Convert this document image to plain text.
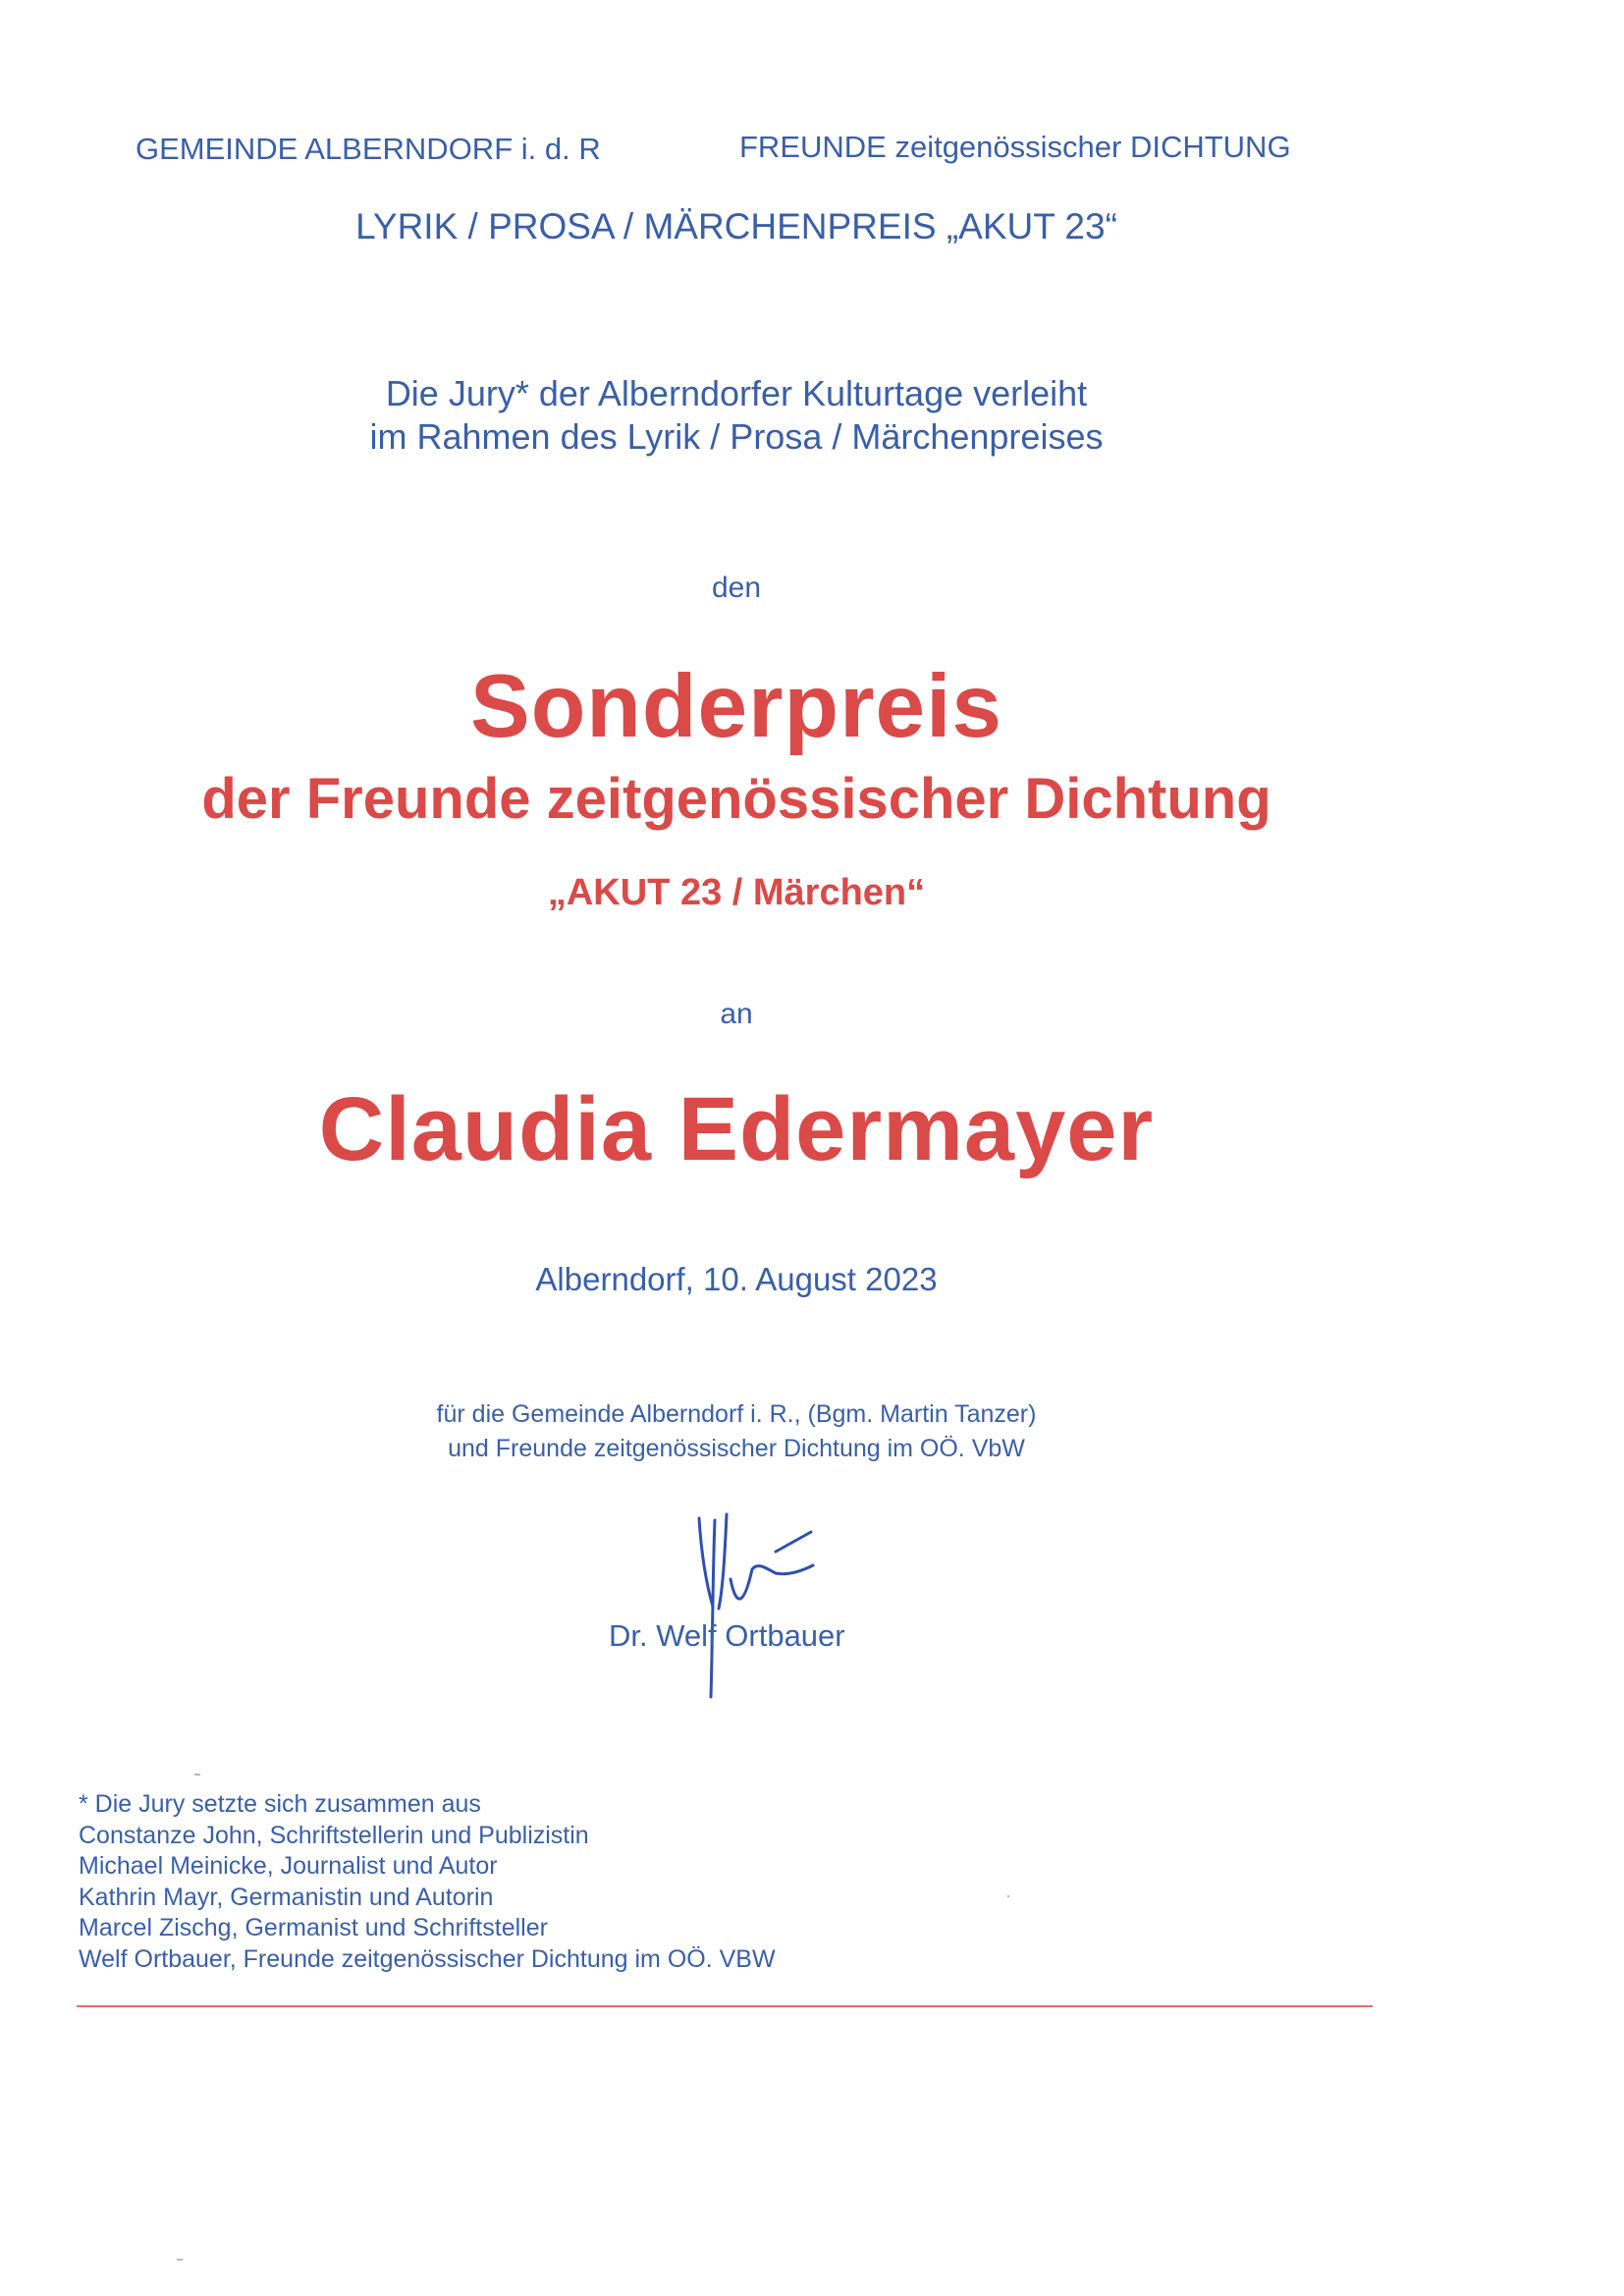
GEMEINDE ALBERNDORF i. d. R	FREUNDE zeitgenössischer DICHTUNG
LYRIK / PROSA / MÄRCHENPREIS „AKUT 23“
Die Jury* der Alberndorfer Kulturtage verleiht
im Rahmen des Lyrik / Prosa / Märchenpreises
den
Sonderpreis
der Freunde zeitgenössischer Dichtung
„AKUT 23 / Märchen“
an
Claudia Edermayer
Alberndorf, 10. August 2023
für die Gemeinde Alberndorf i. R., (Bgm. Martin Tanzer)
und Freunde zeitgenössischer Dichtung im OÖ. VbW
Dr. Welf Ortbauer
* Die Jury setzte sich zusammen aus
Constanze John, Schriftstellerin und Publizistin
Michael Meinicke, Journalist und Autor
Kathrin Mayr, Germanistin und Autorin
Marcel Zischg, Germanist und Schriftsteller
Welf Ortbauer, Freunde zeitgenössischer Dichtung im OÖ. VBW
